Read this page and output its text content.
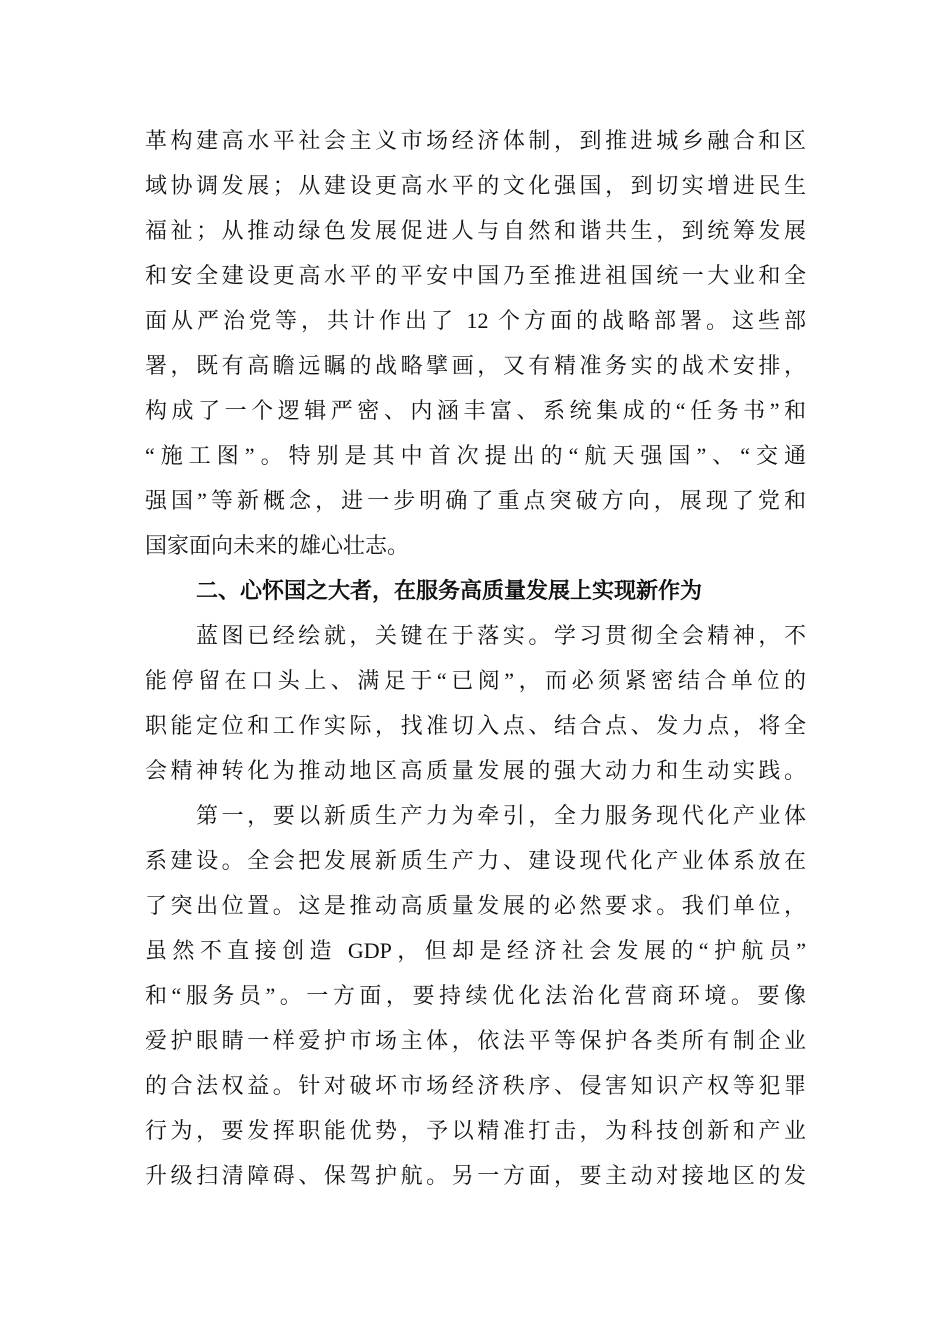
革构建高水平社会主义市场经济体制，到推进城乡融合和区
域协调发展；从建设更高水平的文化强国，到切实增进民生
福祉；从推动绿色发展促进人与自然和谐共生，到统筹发展
和安全建设更高水平的平安中国乃至推进祖国统一大业和全
面从严治党等，共计作出了 12 个方面的战略部署。这些部
署，既有高瞻远瞩的战略擘画，又有精准务实的战术安排，
构成了一个逻辑严密、内涵丰富、系统集成的“任务书”和
“施工图”。特别是其中首次提出的“航天强国”、“交通
强国”等新概念，进一步明确了重点突破方向，展现了党和
国家面向未来的雄心壮志。
二、心怀国之大者，在服务高质量发展上实现新作为
蓝图已经绘就，关键在于落实。学习贯彻全会精神，不
能停留在口头上、满足于“已阅”，而必须紧密结合单位的
职能定位和工作实际，找准切入点、结合点、发力点，将全
会精神转化为推动地区高质量发展的强大动力和生动实践。
第一，要以新质生产力为牵引，全力服务现代化产业体
系建设。全会把发展新质生产力、建设现代化产业体系放在
了突出位置。这是推动高质量发展的必然要求。我们单位，
虽然不直接创造 GDP，但却是经济社会发展的“护航员”
和“服务员”。一方面，要持续优化法治化营商环境。要像
爱护眼睛一样爱护市场主体，依法平等保护各类所有制企业
的合法权益。针对破坏市场经济秩序、侵害知识产权等犯罪
行为，要发挥职能优势，予以精准打击，为科技创新和产业
升级扫清障碍、保驾护航。另一方面，要主动对接地区的发
